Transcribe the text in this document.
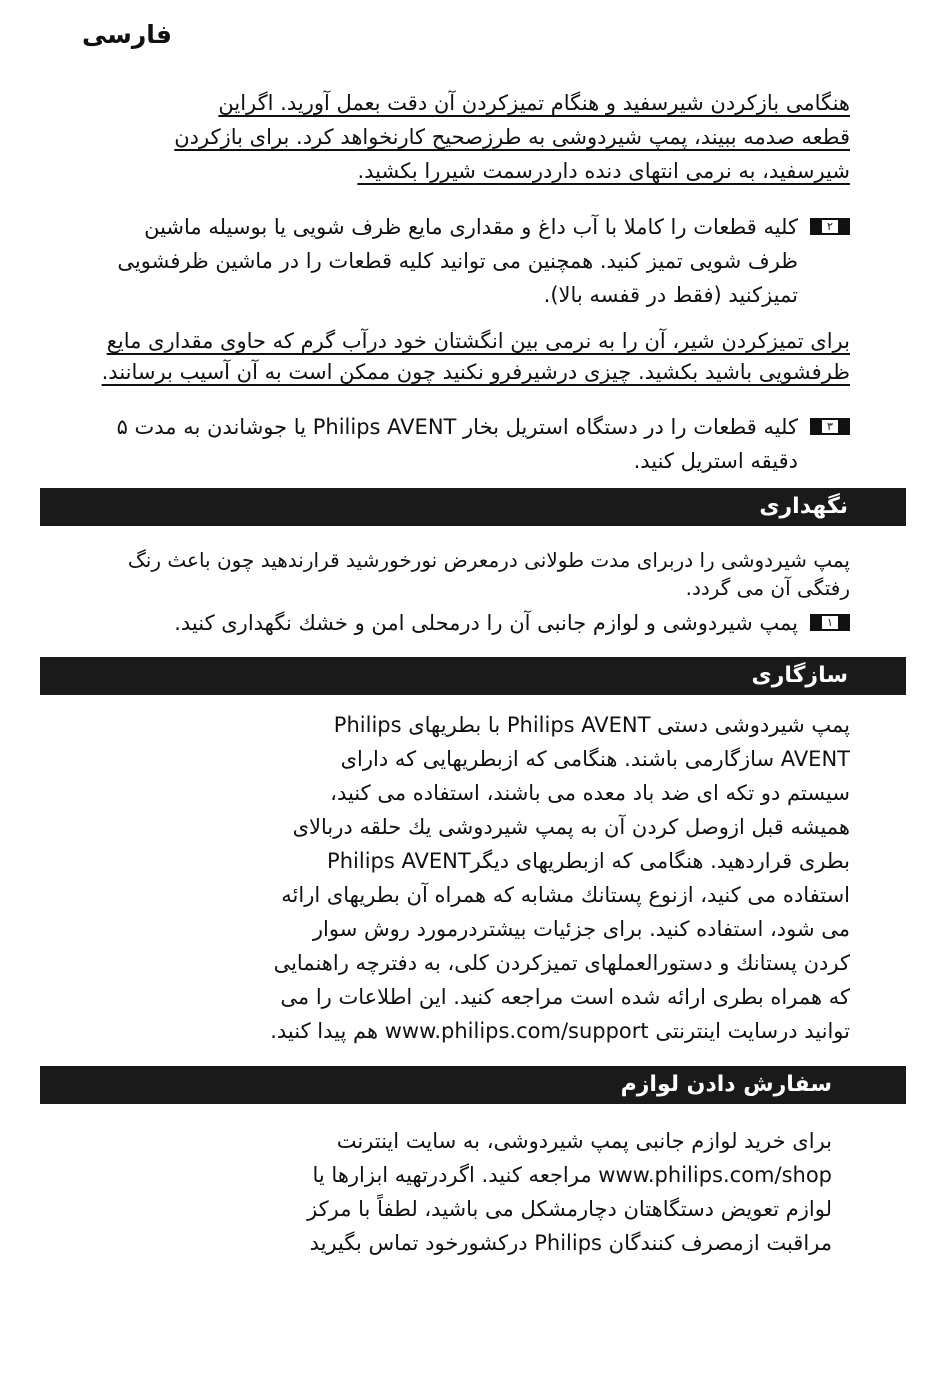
فارسی
هنگامی بازکردن شیرسفید و هنگام تمیزکردن آن دقت بعمل آورید. اگراین
قطعه صدمه ببیند، پمپ شیردوشی به طرزصحیح کارنخواهد کرد. برای بازکردن
شیرسفید، به نرمی انتهای دنده داردرسمت شیررا بکشید.
۲
کلیه قطعات را کاملا با آب داغ و مقداری مایع ظرف شویی یا بوسیله ماشین
ظرف شویی تمیز کنید. همچنین می توانید کلیه قطعات را در ماشین ظرفشویی
تمیزکنید (فقط در قفسه بالا).
برای تمیزکردن شیر، آن را به نرمی بین انگشتان خود درآب گرم که حاوی مقداری مایع
ظرفشویی باشید بکشید. چیزی درشیرفرو نکنید چون ممکن است به آن آسیب برسانند.
۳
کلیه قطعات را در دستگاه استریل بخار Philips AVENT یا جوشاندن به مدت ۵
دقیقه استریل کنید.
نگهداری
پمپ شیردوشی را دربرای مدت طولانی درمعرض نورخورشید قرارندهید چون باعث رنگ
رفتگی آن می گردد.
۱
پمپ شیردوشی و لوازم جانبی آن را درمحلی امن و خشك نگهداری کنید.
سازگاری
پمپ شیردوشی دستی Philips AVENT با بطریهای Philips
AVENT سازگارمی باشند. هنگامی که ازبطریهایی که دارای
سیستم دو تکه ای ضد باد معده می باشند، استفاده می کنید،
همیشه قبل ازوصل کردن آن به پمپ شیردوشی یك حلقه دربالای
بطری قراردهید. هنگامی که ازبطریهای دیگرPhilips AVENT
استفاده می کنید، ازنوع پستانك مشابه که همراه آن بطریهای ارائه
می شود، استفاده کنید. برای جزئیات بیشتردرمورد روش سوار
کردن پستانك و دستورالعملهای تمیزکردن کلی، به دفترچه راهنمایی
که همراه بطری ارائه شده است مراجعه کنید. این اطلاعات را می
توانید درسایت اینترنتی www.philips.com/support هم پیدا کنید.
سفارش دادن لوازم
برای خرید لوازم جانبی پمپ شیردوشی، به سایت اینترنت
www.philips.com/shop مراجعه کنید. اگردرتهیه ابزارها یا
لوازم تعویض دستگاهتان دچارمشکل می باشید، لطفاً با مرکز
مراقبت ازمصرف کنندگان Philips درکشورخود تماس بگیرید
